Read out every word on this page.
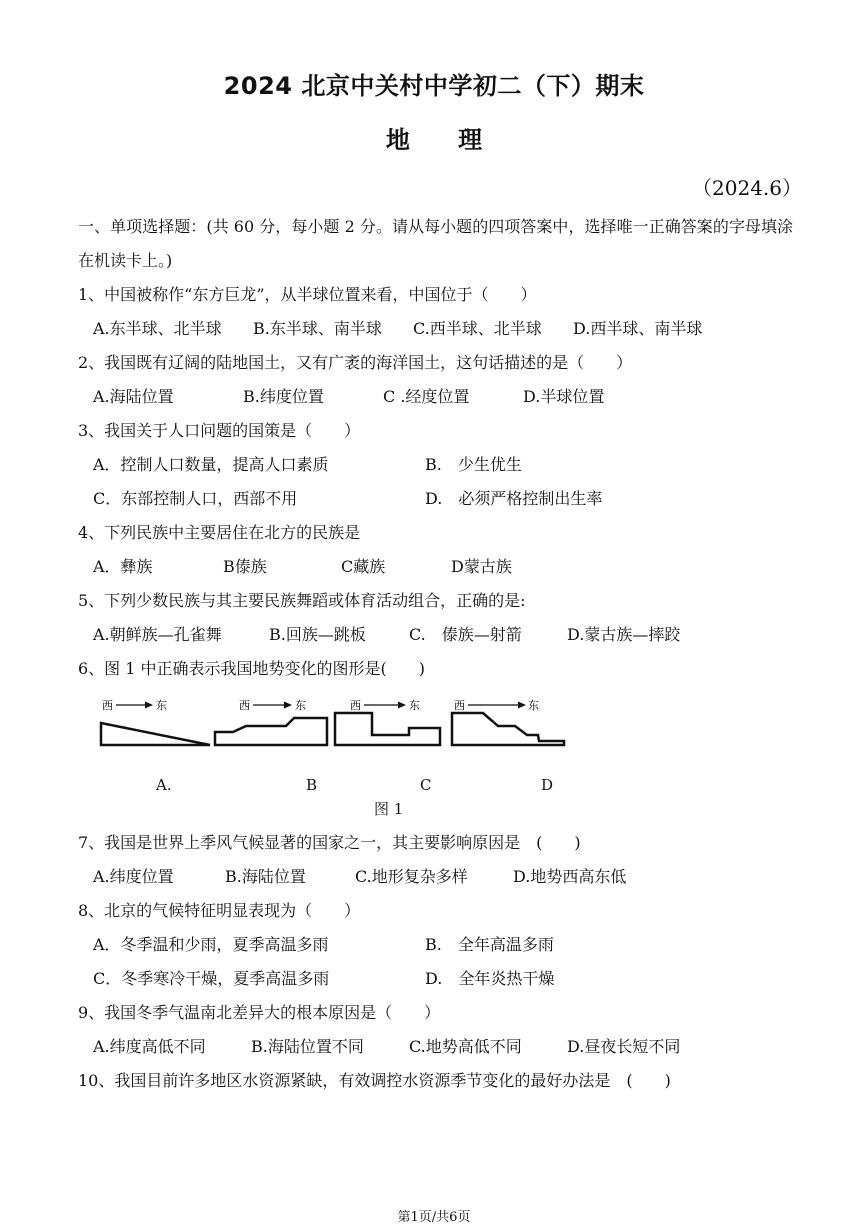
2024 北京中关村中学初二（下）期末
地 理
（2024.6）
一、单项选择题：(共 60 分，每小题 2 分。请从每小题的四项答案中，选择唯一正确答案的字母填涂在机读卡上。)
1、中国被称作“东方巨龙”，从半球位置来看，中国位于（　　）
A.东半球、北半球	B.东半球、南半球	C.西半球、北半球	D.西半球、南半球
2、我国既有辽阔的陆地国土，又有广袤的海洋国土，这句话描述的是（　　）
A.海陆位置	B.纬度位置	C .经度位置	D.半球位置
3、我国关于人口问题的国策是（　　）
A．控制人口数量，提高人口素质	B.　少生优生
C．东部控制人口，西部不用	D.　必须严格控制出生率
4、下列民族中主要居住在北方的民族是
A．彝族	B傣族	C藏族	D蒙古族
5、下列少数民族与其主要民族舞蹈或体育活动组合，正确的是:
A.朝鲜族—孔雀舞	B.回族—跳板	C.　傣族—射箭	D.蒙古族—摔跤
6、图 1 中正确表示我国地势变化的图形是(　　)
西	东	西	东	西	东	西	东
A.	B	C	D
图 1
7、我国是世界上季风气候显著的国家之一，其主要影响原因是　(　　)
A.纬度位置	B.海陆位置	C.地形复杂多样	D.地势西高东低
8、北京的气候特征明显表现为（　　）
A．冬季温和少雨，夏季高温多雨	B.　全年高温多雨
C．冬季寒冷干燥，夏季高温多雨	D.　全年炎热干燥
9、我国冬季气温南北差异大的根本原因是（　　）
A.纬度高低不同	B.海陆位置不同	C.地势高低不同	D.昼夜长短不同
10、我国目前许多地区水资源紧缺，有效调控水资源季节变化的最好办法是　(　　)
第1页/共6页
